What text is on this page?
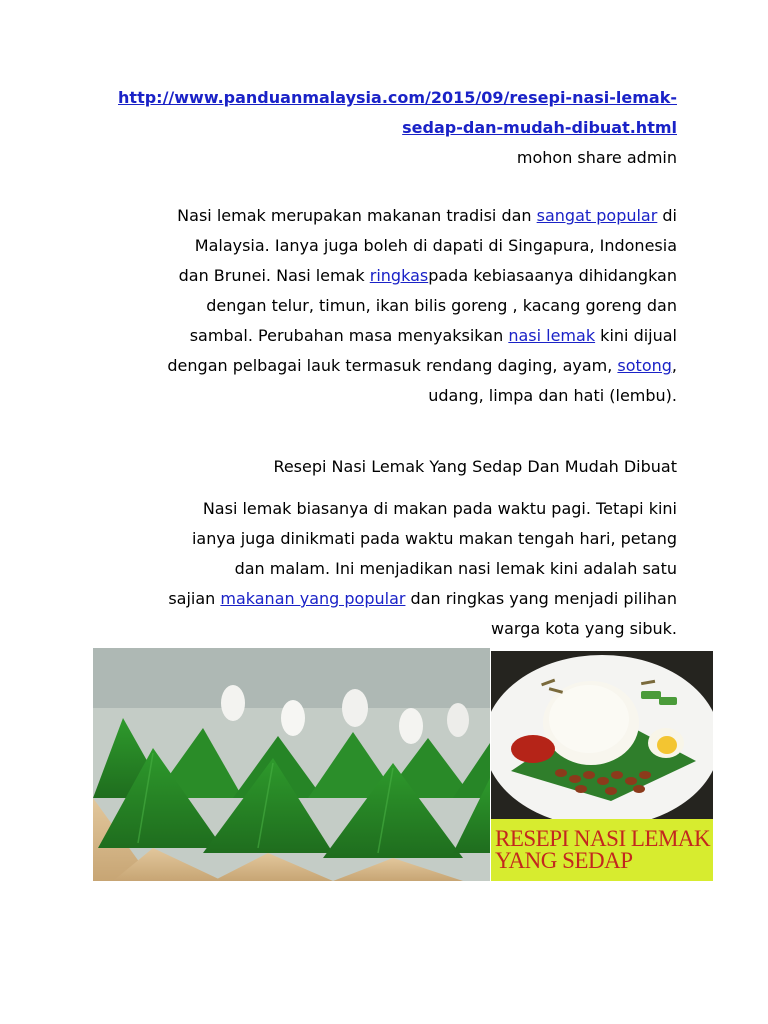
http://www.panduanmalaysia.com/2015/09/resepi-nasi-lemak-
sedap-dan-mudah-dibuat.html
mohon share admin
Nasi lemak merupakan makanan tradisi dan sangat popular di
Malaysia. Ianya juga boleh di dapati di Singapura, Indonesia
dan Brunei. Nasi lemak ringkaspada kebiasaanya dihidangkan
dengan telur, timun, ikan bilis goreng , kacang goreng dan
sambal. Perubahan masa menyaksikan nasi lemak kini dijual
dengan pelbagai lauk termasuk rendang daging, ayam, sotong,
udang, limpa dan hati (lembu).
Resepi Nasi Lemak Yang Sedap Dan Mudah Dibuat
Nasi lemak biasanya di makan pada waktu pagi. Tetapi kini
ianya juga dinikmati pada waktu makan tengah hari, petang
dan malam. Ini menjadikan nasi lemak kini adalah satu
sajian makanan yang popular dan ringkas yang menjadi pilihan
warga kota yang sibuk.
RESEPI NASI LEMAK
YANG SEDAP
